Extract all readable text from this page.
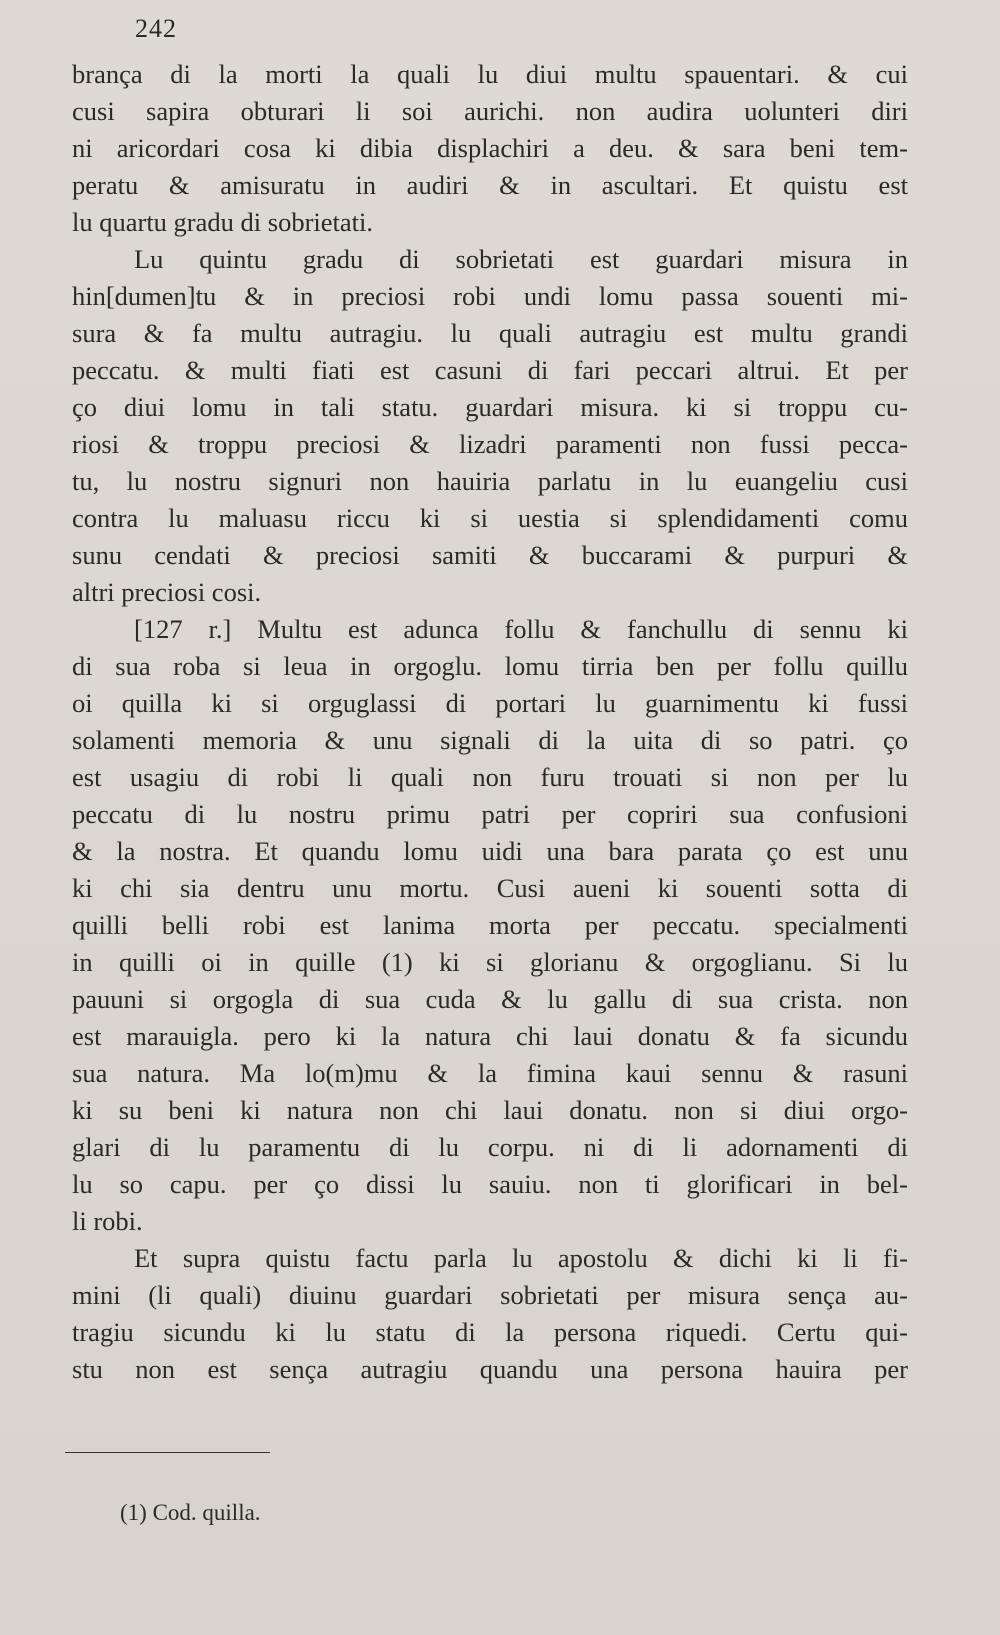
242
brança di la morti la quali lu diui multu spauentari. & cui
cusi sapira obturari li soi aurichi. non audira uolunteri diri
ni aricordari cosa ki dibia displachiri a deu. & sara beni tem-
peratu & amisuratu in audiri & in ascultari. Et quistu est
lu quartu gradu di sobrietati.
Lu quintu gradu di sobrietati est guardari misura in
hin[dumen]tu & in preciosi robi undi lomu passa souenti mi-
sura & fa multu autragiu. lu quali autragiu est multu grandi
peccatu. & multi fiati est casuni di fari peccari altrui. Et per
ço diui lomu in tali statu. guardari misura. ki si troppu cu-
riosi & troppu preciosi & lizadri paramenti non fussi pecca-
tu, lu nostru signuri non hauiria parlatu in lu euangeliu cusi
contra lu maluasu riccu ki si uestia si splendidamenti comu
sunu cendati & preciosi samiti & buccarami & purpuri &
altri preciosi cosi.
[127 r.] Multu est adunca follu & fanchullu di sennu ki
di sua roba si leua in orgoglu. lomu tirria ben per follu quillu
oi quilla ki si orguglassi di portari lu guarnimentu ki fussi
solamenti memoria & unu signali di la uita di so patri. ço
est usagiu di robi li quali non furu trouati si non per lu
peccatu di lu nostru primu patri per copriri sua confusioni
& la nostra. Et quandu lomu uidi una bara parata ço est unu
ki chi sia dentru unu mortu. Cusi aueni ki souenti sotta di
quilli belli robi est lanima morta per peccatu. specialmenti
in quilli oi in quille (1) ki si glorianu & orgoglianu. Si lu
pauuni si orgogla di sua cuda & lu gallu di sua crista. non
est marauigla. pero ki la natura chi laui donatu & fa sicundu
sua natura. Ma lo(m)mu & la fimina kaui sennu & rasuni
ki su beni ki natura non chi laui donatu. non si diui orgo-
glari di lu paramentu di lu corpu. ni di li adornamenti di
lu so capu. per ço dissi lu sauiu. non ti glorificari in bel-
li robi.
Et supra quistu factu parla lu apostolu & dichi ki li fi-
mini (li quali) diuinu guardari sobrietati per misura sença au-
tragiu sicundu ki lu statu di la persona riquedi. Certu qui-
stu non est sença autragiu quandu una persona hauira per
(1) Cod. quilla.
